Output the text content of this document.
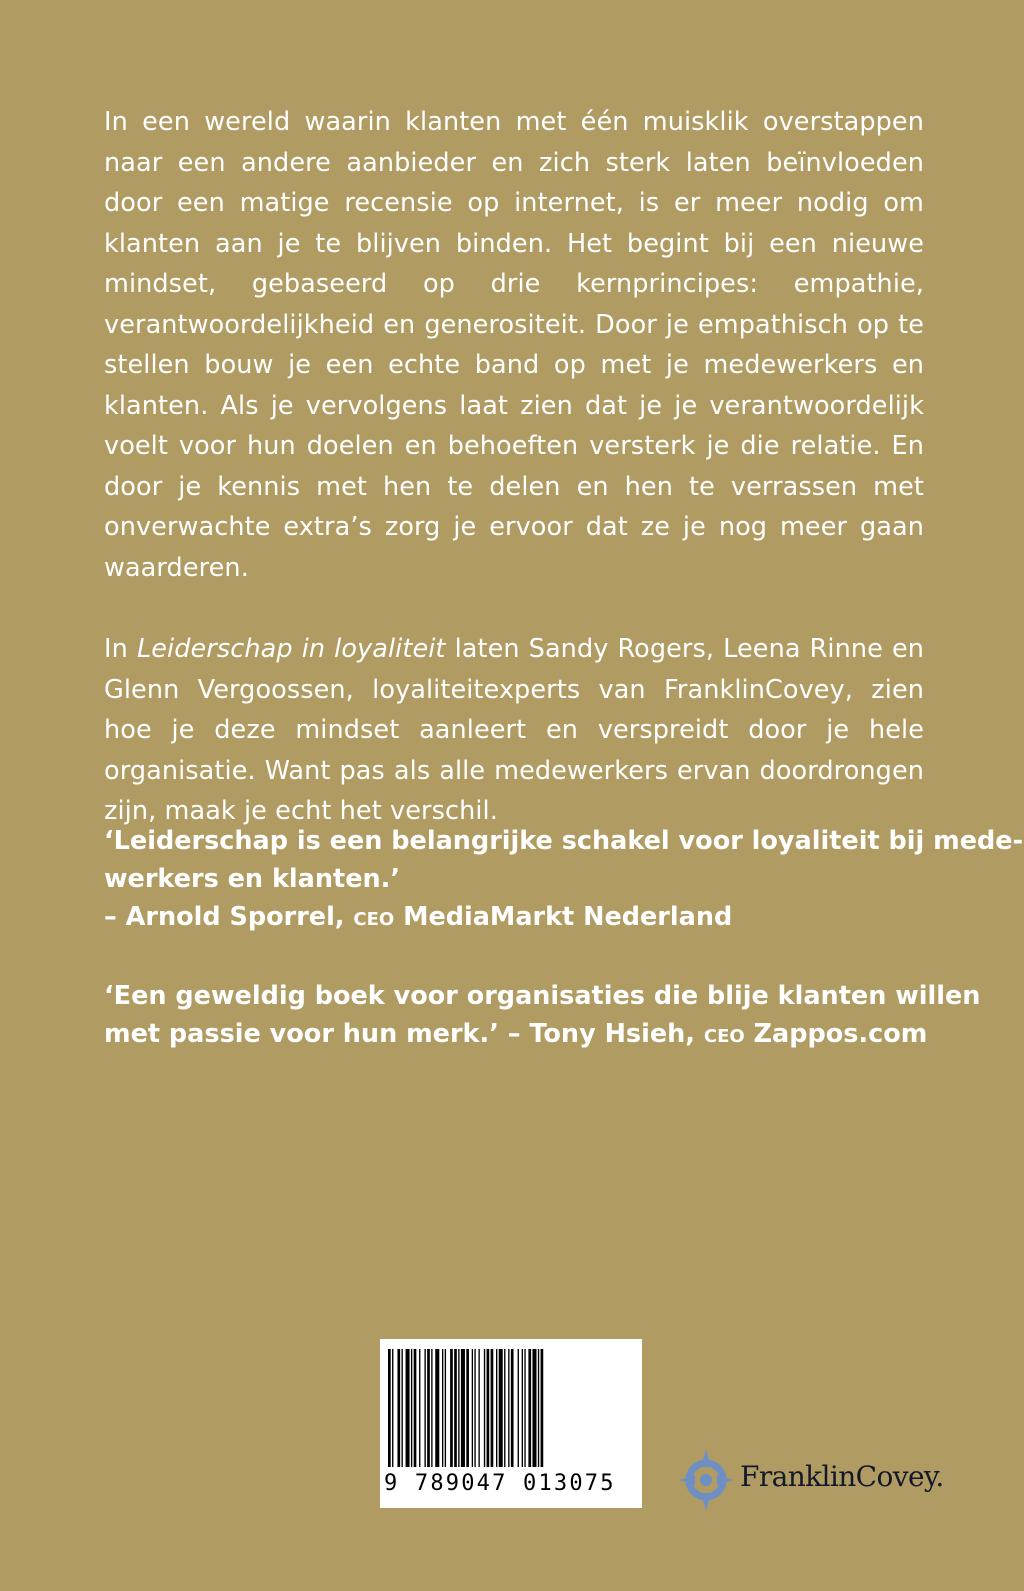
In een wereld waarin klanten met één muisklik overstappen naar een andere aanbieder en zich sterk laten beïnvloeden door een matige recensie op internet, is er meer nodig om klanten aan je te blijven binden. Het begint bij een nieuwe mindset, gebaseerd op drie kernprincipes: empathie, verantwoordelijkheid en generositeit. Door je empathisch op te stellen bouw je een echte band op met je medewerkers en klanten. Als je vervolgens laat zien dat je je verantwoordelijk voelt voor hun doelen en behoeften versterk je die relatie. En door je kennis met hen te delen en hen te verrassen met onverwachte extra’s zorg je ervoor dat ze je nog meer gaan waarderen.

In Leiderschap in loyaliteit laten Sandy Rogers, Leena Rinne en Glenn Vergoossen, loyaliteitexperts van FranklinCovey, zien hoe je deze mindset aanleert en verspreidt door je hele organisatie. Want pas als alle medewerkers ervan doordrongen zijn, maak je echt het verschil.

‘Leiderschap is een belangrijke schakel voor loyaliteit bij mede-
werkers en klanten.’
– Arnold Sporrel, ceo MediaMarkt Nederland
‘Een geweldig boek voor organisaties die blije klanten willen
met passie voor hun merk.’ – Tony Hsieh, ceo Zappos.com
9 789047 013075	FranklinCovey.
